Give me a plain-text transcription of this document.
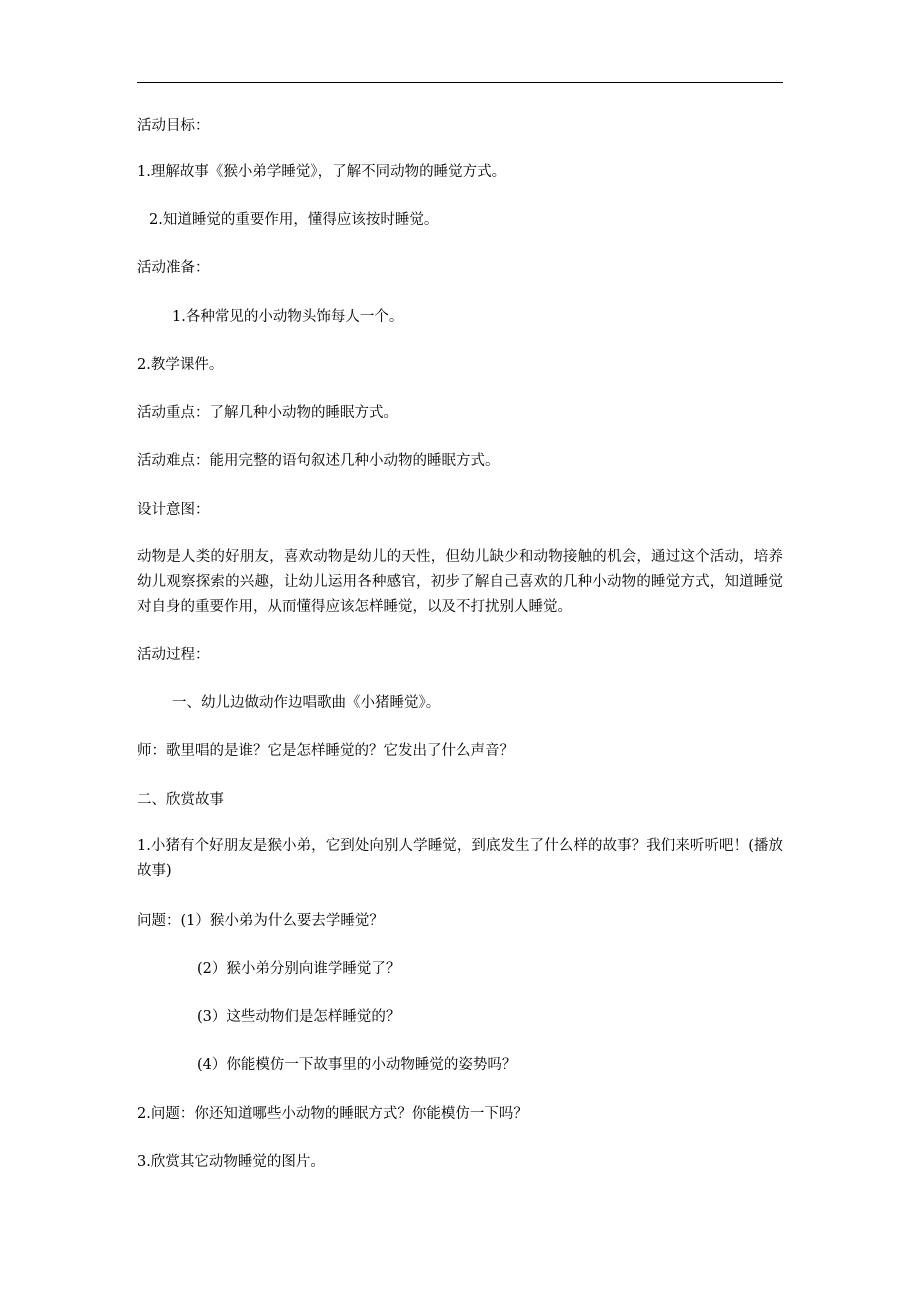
活动目标：
1.理解故事《猴小弟学睡觉》，了解不同动物的睡觉方式。
2.知道睡觉的重要作用，懂得应该按时睡觉。
活动准备：
1.各种常见的小动物头饰每人一个。
2.教学课件。
活动重点：了解几种小动物的睡眠方式。
活动难点：能用完整的语句叙述几种小动物的睡眠方式。
设计意图：
动物是人类的好朋友，喜欢动物是幼儿的天性，但幼儿缺少和动物接触的机会，通过这个活动，培养幼儿观察探索的兴趣，让幼儿运用各种感官，初步了解自己喜欢的几种小动物的睡觉方式，知道睡觉对自身的重要作用，从而懂得应该怎样睡觉，以及不打扰别人睡觉。
活动过程：
一、幼儿边做动作边唱歌曲《小猪睡觉》。
师：歌里唱的是谁？它是怎样睡觉的？它发出了什么声音？
二、欣赏故事
1.小猪有个好朋友是猴小弟，它到处向别人学睡觉，到底发生了什么样的故事？我们来听听吧！(播放故事)
问题：(1）猴小弟为什么要去学睡觉？
(2）猴小弟分别向谁学睡觉了？
(3）这些动物们是怎样睡觉的？
(4）你能模仿一下故事里的小动物睡觉的姿势吗？
2.问题：你还知道哪些小动物的睡眠方式？你能模仿一下吗？
3.欣赏其它动物睡觉的图片。
